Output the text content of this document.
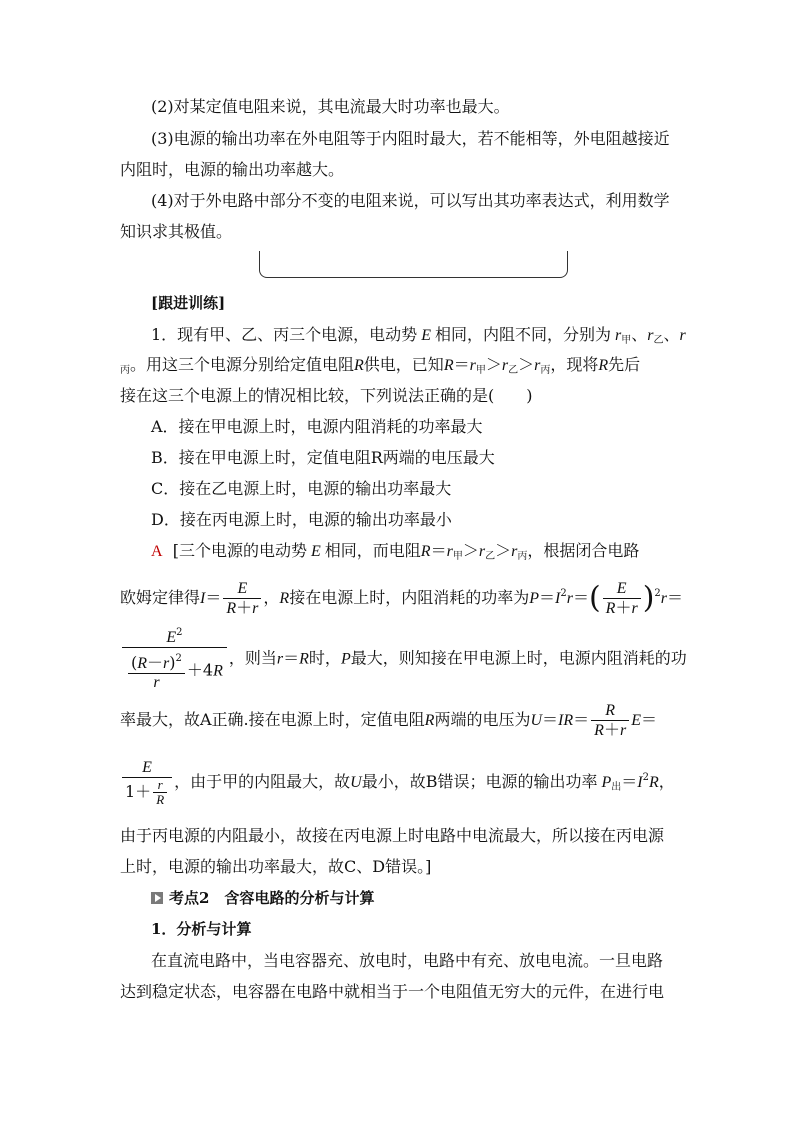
(2)对某定值电阻来说，其电流最大时功率也最大。
(3)电源的输出功率在外电阻等于内阻时最大，若不能相等，外电阻越接近
内阻时，电源的输出功率越大。
(4)对于外电路中部分不变的电阻来说，可以写出其功率表达式，利用数学
知识求其极值。
[跟进训练]
1．现有甲、乙、丙三个电源，电动势 E 相同，内阻不同，分别为 $r_甲$、$r_乙$、r
$_丙$。用这三个电源分别给定值电阻R供电，已知$R=r_甲>r_乙>r_丙$，现将R先后
接在这三个电源上的情况相比较，下列说法正确的是(　　)
A．接在甲电源上时，电源内阻消耗的功率最大
B．接在甲电源上时，定值电阻R两端的电压最大
C．接在乙电源上时，电源的输出功率最大
D．接在丙电源上时，电源的输出功率最小
A [三个电源的电动势 E 相同，而电阻$R=r_甲>r_乙>r_丙$，根据闭合电路
欧姆定律得$I= \frac{E}{R+r}$ ，R接在电源上时，内阻消耗的功率为$P=I^2r=( \frac{E}{R+r} )^2r=$
$\frac{E^2}{\frac{(R-r)^2}{r} +4R}$ ，则当r＝R时，P最大，则知接在甲电源上时，电源内阻消耗的功
率最大，故A正确.接在电源上时，定值电阻R两端的电压为$U=IR= \frac{R}{R+r} E=$
$\frac{E}{1+ \frac{r}{R}}$ ，由于甲的内阻最大，故U最小，故B错误；电源的输出功率 $P_出=I^2R$，
由于丙电源的内阻最小，故接在丙电源上时电路中电流最大，所以接在丙电源
上时，电源的输出功率最大，故C、D错误。]
考点2　含容电路的分析与计算
1．分析与计算
在直流电路中，当电容器充、放电时，电路中有充、放电电流。一旦电路
达到稳定状态，电容器在电路中就相当于一个电阻值无穷大的元件，在进行电
